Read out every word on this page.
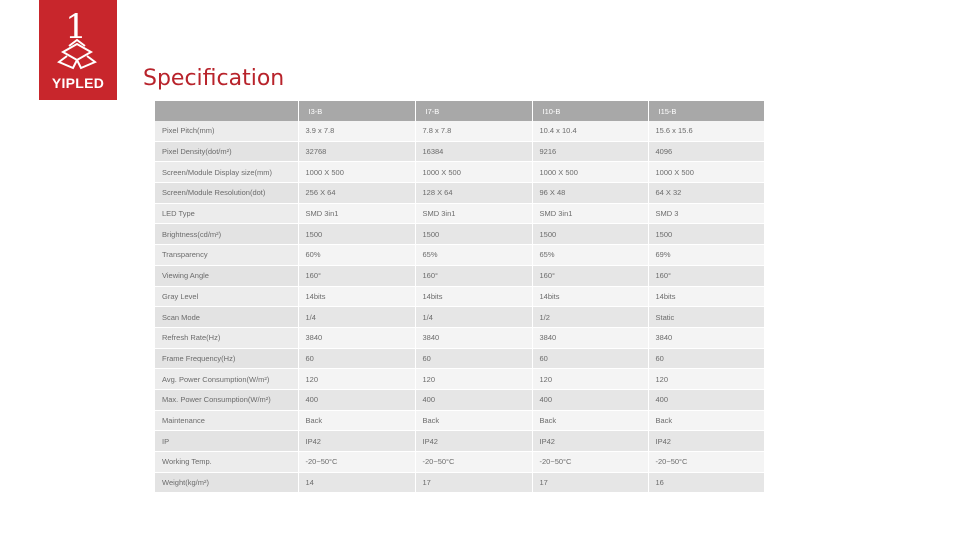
1
YIPLED	Specification
	I3-B	I7-B	I10-B	I15-B
Pixel Pitch(mm)	3.9 x 7.8	7.8 x 7.8	10.4 x 10.4	15.6 x 15.6
Pixel Density(dot/m²)	32768	16384	9216	4096
Screen/Module Display size(mm)	1000 X 500	1000 X 500	1000 X 500	1000 X 500
Screen/Module Resolution(dot)	256 X 64	128 X 64	96 X 48	64 X 32
LED Type	SMD 3in1	SMD 3in1	SMD 3in1	SMD 3
Brightness(cd/m²)	1500	1500	1500	1500
Transparency	60%	65%	65%	69%
Viewing Angle	160°	160°	160°	160°
Gray Level	14bits	14bits	14bits	14bits
Scan Mode	1/4	1/4	1/2	Static
Refresh Rate(Hz)	3840	3840	3840	3840
Frame Frequency(Hz)	60	60	60	60
Avg. Power Consumption(W/m²)	120	120	120	120
Max. Power Consumption(W/m²)	400	400	400	400
Maintenance	Back	Back	Back	Back
IP	IP42	IP42	IP42	IP42
Working Temp.	-20~50°C	-20~50°C	-20~50°C	-20~50°C
Weight(kg/m²)	14	17	17	16
